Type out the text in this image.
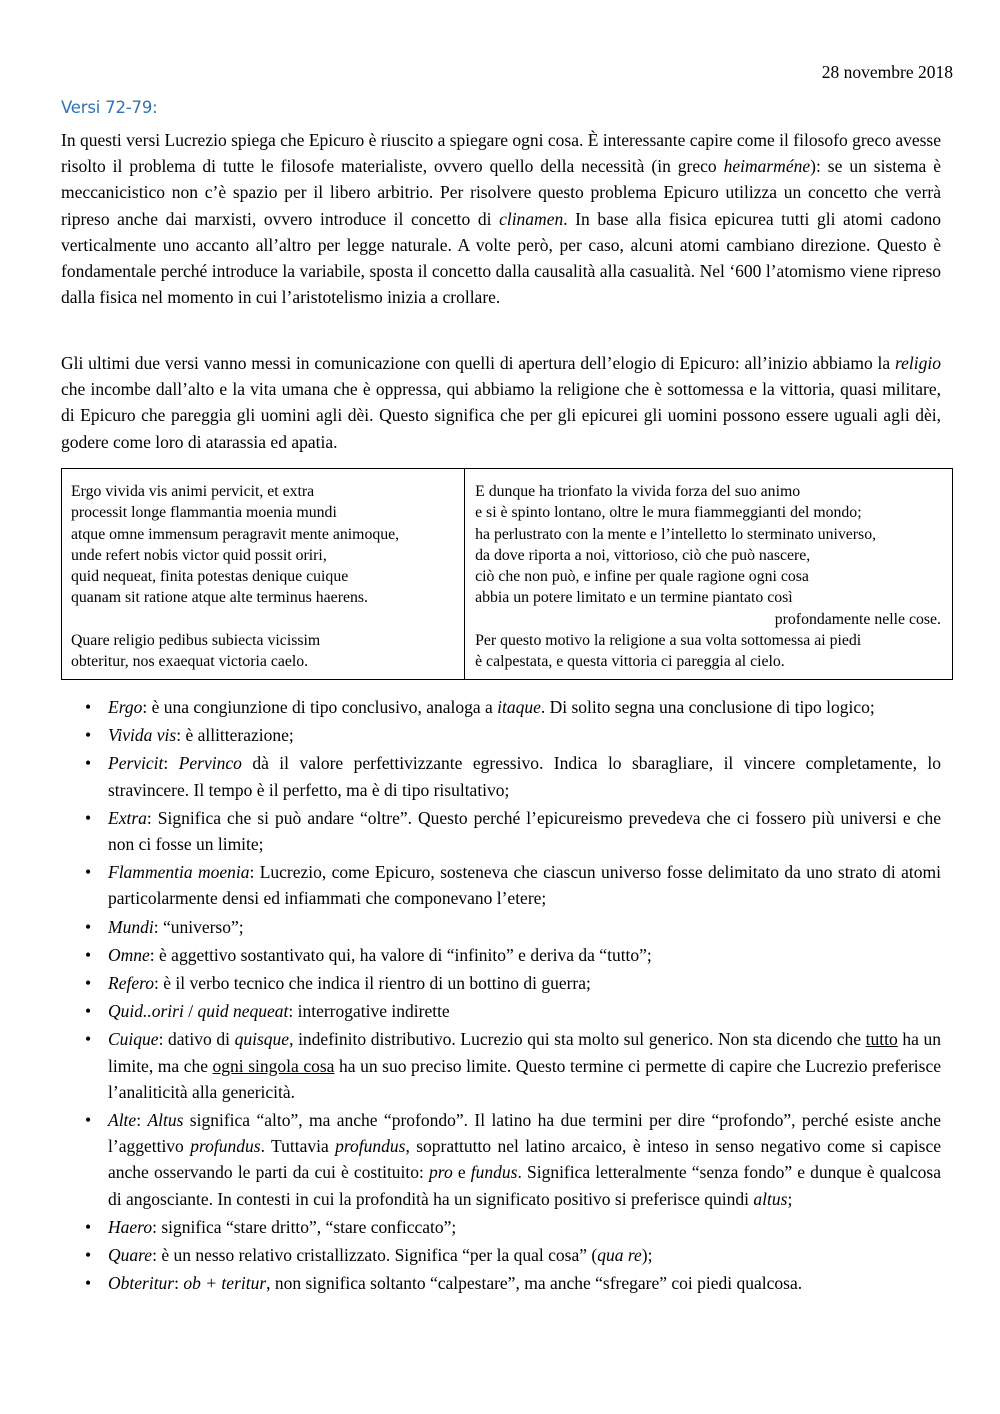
28 novembre 2018
Versi 72-79:

In questi versi Lucrezio spiega che Epicuro è riuscito a spiegare ogni cosa. È interessante capire come il filosofo greco avesse risolto il problema di tutte le filosofe materialiste, ovvero quello della necessità (in greco heimarméne): se un sistema è meccanicistico non c’è spazio per il libero arbitrio. Per risolvere questo problema Epicuro utilizza un concetto che verrà ripreso anche dai marxisti, ovvero introduce il concetto di clinamen. In base alla fisica epicurea tutti gli atomi cadono verticalmente uno accanto all’altro per legge naturale. A volte però, per caso, alcuni atomi cambiano direzione. Questo è fondamentale perché introduce la variabile, sposta il concetto dalla causalità alla casualità. Nel ‘600 l’atomismo viene ripreso dalla fisica nel momento in cui l’aristotelismo inizia a crollare.

Gli ultimi due versi vanno messi in comunicazione con quelli di apertura dell’elogio di Epicuro: all’inizio abbiamo la religio che incombe dall’alto e la vita umana che è oppressa, qui abbiamo la religione che è sottomessa e la vittoria, quasi militare, di Epicuro che pareggia gli uomini agli dèi. Questo significa che per gli epicurei gli uomini possono essere uguali agli dèi, godere come loro di atarassia ed apatia.

Ergo vivida vis animi pervicit, et extra
processit longe flammantia moenia mundi
atque omne immensum peragravit mente animoque,
unde refert nobis victor quid possit oriri,
quid nequeat, finita potestas denique cuique
quanam sit ratione atque alte terminus haerens.
Quare religio pedibus subiecta vicissim
obteritur, nos exaequat victoria caelo.
E dunque ha trionfato la vivida forza del suo animo
e si è spinto lontano, oltre le mura fiammeggianti del mondo;
ha perlustrato con la mente e l’intelletto lo sterminato universo,
da dove riporta a noi, vittorioso, ciò che può nascere,
ciò che non può, e infine per quale ragione ogni cosa
abbia un potere limitato e un termine piantato così
profondamente nelle cose.
Per questo motivo la religione a sua volta sottomessa ai piedi
è calpestata, e questa vittoria ci pareggia al cielo.
• Ergo: è una congiunzione di tipo conclusivo, analoga a itaque. Di solito segna una conclusione di tipo logico;
• Vivida vis: è allitterazione;
• Pervicit: Pervinco dà il valore perfettivizzante egressivo. Indica lo sbaragliare, il vincere completamente, lo stravincere. Il tempo è il perfetto, ma è di tipo risultativo;
• Extra: Significa che si può andare “oltre”. Questo perché l’epicureismo prevedeva che ci fossero più universi e che non ci fosse un limite;
• Flammentia moenia: Lucrezio, come Epicuro, sosteneva che ciascun universo fosse delimitato da uno strato di atomi particolarmente densi ed infiammati che componevano l’etere;
• Mundi: “universo”;
• Omne: è aggettivo sostantivato qui, ha valore di “infinito” e deriva da “tutto”;
• Refero: è il verbo tecnico che indica il rientro di un bottino di guerra;
• Quid..oriri / quid nequeat: interrogative indirette
• Cuique: dativo di quisque, indefinito distributivo. Lucrezio qui sta molto sul generico. Non sta dicendo che tutto ha un limite, ma che ogni singola cosa ha un suo preciso limite. Questo termine ci permette di capire che Lucrezio preferisce l’analiticità alla genericità.
• Alte: Altus significa “alto”, ma anche “profondo”. Il latino ha due termini per dire “profondo”, perché esiste anche l’aggettivo profundus. Tuttavia profundus, soprattutto nel latino arcaico, è inteso in senso negativo come si capisce anche osservando le parti da cui è costituito: pro e fundus. Significa letteralmente “senza fondo” e dunque è qualcosa di angosciante. In contesti in cui la profondità ha un significato positivo si preferisce quindi altus;
• Haero: significa “stare dritto”, “stare conficcato”;
• Quare: è un nesso relativo cristallizzato. Significa “per la qual cosa” (qua re);
• Obteritur: ob + teritur, non significa soltanto “calpestare”, ma anche “sfregare” coi piedi qualcosa.
